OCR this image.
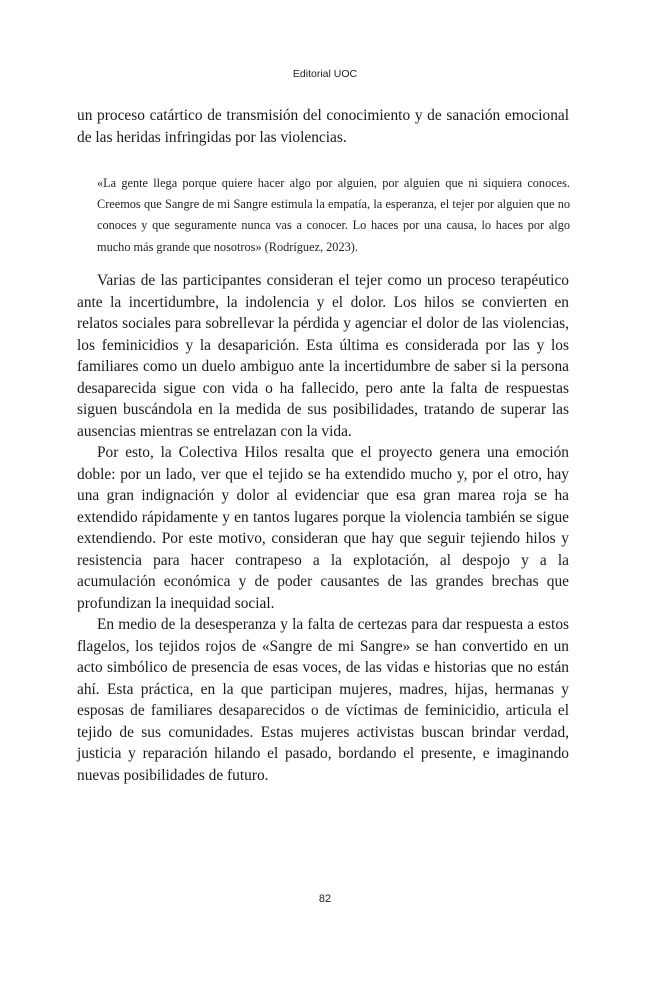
Editorial UOC

un proceso catártico de transmisión del conocimiento y de sanación emocional de las heridas infringidas por las violencias.

«La gente llega porque quiere hacer algo por alguien, por alguien que ni siquiera conoces. Creemos que Sangre de mi Sangre estimula la empatía, la esperanza, el tejer por alguien que no conoces y que seguramente nunca vas a conocer. Lo haces por una causa, lo haces por algo mucho más grande que nosotros» (Rodríguez, 2023).

Varias de las participantes consideran el tejer como un proceso terapéutico ante la incertidumbre, la indolencia y el dolor. Los hilos se convierten en relatos sociales para sobrellevar la pérdida y agenciar el dolor de las violencias, los feminicidios y la desaparición. Esta última es considerada por las y los familiares como un duelo ambiguo ante la incertidumbre de saber si la persona desaparecida sigue con vida o ha fallecido, pero ante la falta de respuestas siguen buscándola en la medida de sus posibilidades, tratando de superar las ausencias mientras se entrelazan con la vida.

Por esto, la Colectiva Hilos resalta que el proyecto genera una emoción doble: por un lado, ver que el tejido se ha extendido mucho y, por el otro, hay una gran indignación y dolor al evidenciar que esa gran marea roja se ha extendido rápidamente y en tantos lugares porque la violencia también se sigue extendiendo. Por este motivo, consideran que hay que seguir tejiendo hilos y resistencia para hacer contrapeso a la explotación, al despojo y a la acumulación económica y de poder causantes de las grandes brechas que profundizan la inequidad social.

En medio de la desesperanza y la falta de certezas para dar respuesta a estos flagelos, los tejidos rojos de «Sangre de mi Sangre» se han convertido en un acto simbólico de presencia de esas voces, de las vidas e historias que no están ahí. Esta práctica, en la que participan mujeres, madres, hijas, hermanas y esposas de familiares desaparecidos o de víctimas de feminicidio, articula el tejido de sus comunidades. Estas mujeres activistas buscan brindar verdad, justicia y reparación hilando el pasado, bordando el presente, e imaginando nuevas posibilidades de futuro.

82
